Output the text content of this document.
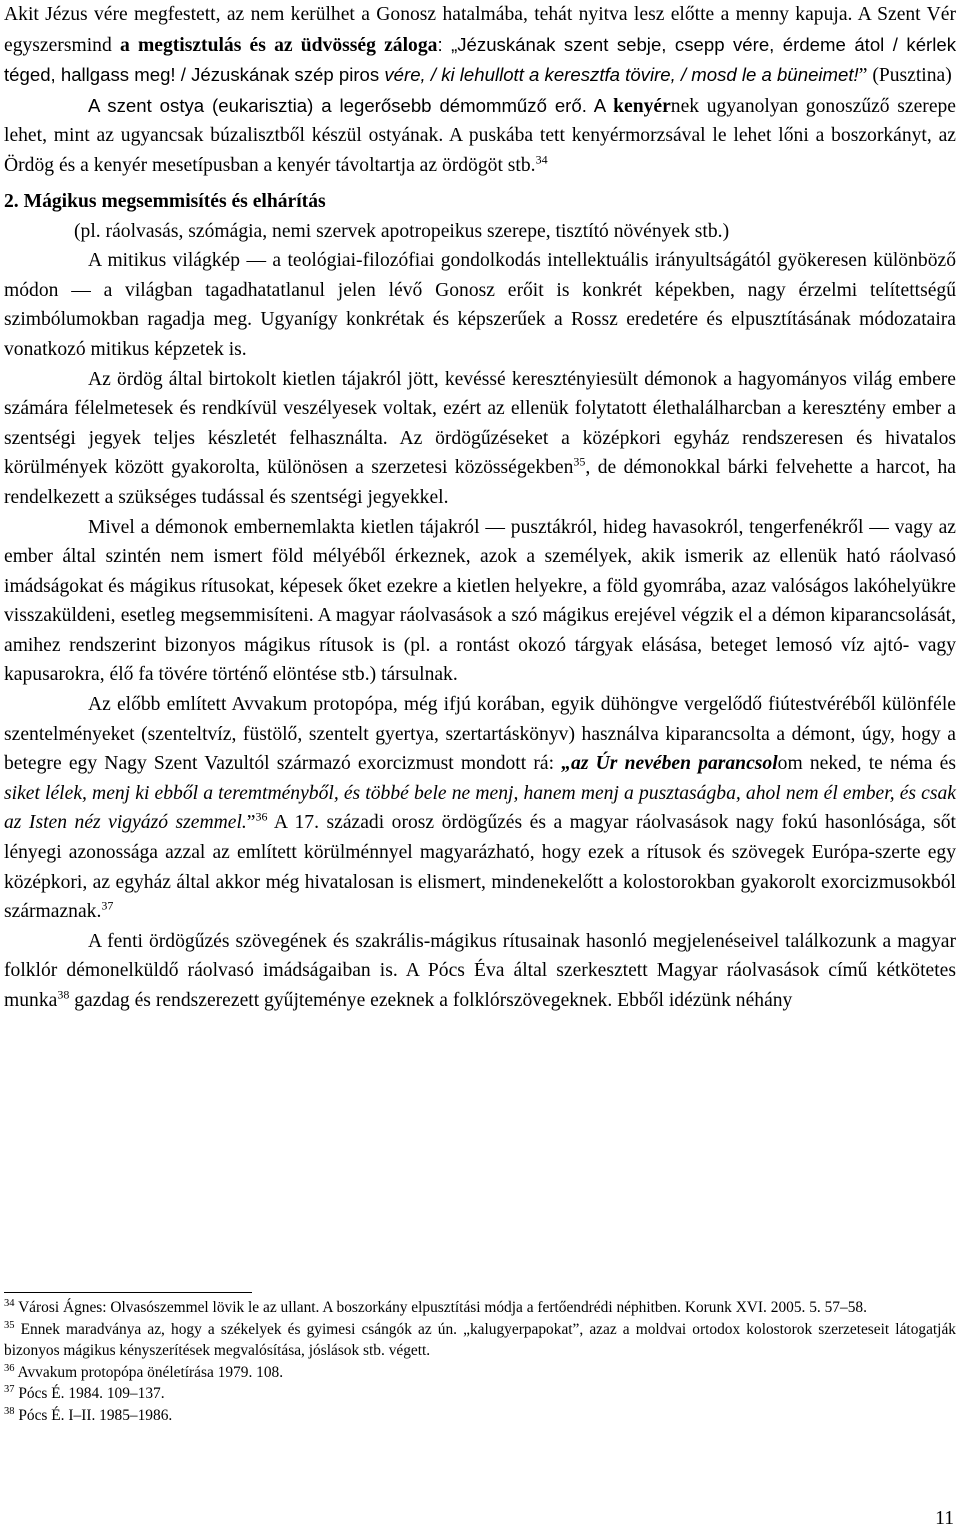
Akit Jézus vére megfestett, az nem kerülhet a Gonosz hatalmába, tehát nyitva lesz előtte a menny kapuja. A Szent Vér egyszersmind a megtisztulás és az üdvösség záloga: „Jézuskának szent sebje, csepp vére, érdeme átol / kérlek téged, hallgass meg! / Jézuskának szép piros vére, / ki lehullott a keresztfa tövire, / mosd le a büneimet!” (Pusztina)

A szent ostya (eukarisztia) a legerősebb démomműző erő. A kenyérnek ugyanolyan gonoszűző szerepe lehet, mint az ugyancsak búzalisztből készül ostyának. A puskába tett kenyérmorzsával le lehet lőni a boszorkányt, az Ördög és a kenyér mesetípusban a kenyér távoltartja az ördögöt stb.$^{34}$

2. Mágikus megsemmisítés és elhárítás

(pl. ráolvasás, szómágia, nemi szervek apotropeikus szerepe, tisztító növények stb.)

A mitikus világkép — a teológiai-filozófiai gondolkodás intellektuális irányultságától gyökeresen különböző módon — a világban tagadhatatlanul jelen lévő Gonosz erőit is konkrét képekben, nagy érzelmi telítettségű szimbólumokban ragadja meg. Ugyanígy konkrétak és képszerűek a Rossz eredetére és elpusztításának módozataira vonatkozó mitikus képzetek is.

Az ördög által birtokolt kietlen tájakról jött, kevéssé keresztényiesült démonok a hagyományos világ embere számára félelmetesek és rendkívül veszélyesek voltak, ezért az ellenük folytatott élethalálharcban a keresztény ember a szentségi jegyek teljes készletét felhasználta. Az ördögűzéseket a középkori egyház rendszeresen és hivatalos körülmények között gyakorolta, különösen a szerzetesi közösségekben$^{35}$, de démonokkal bárki felvehette a harcot, ha rendelkezett a szükséges tudással és szentségi jegyekkel.

Mivel a démonok embernemlakta kietlen tájakról — pusztákról, hideg havasokról, tengerfenékről — vagy az ember által szintén nem ismert föld mélyéből érkeznek, azok a személyek, akik ismerik az ellenük ható ráolvasó imádságokat és mágikus rítusokat, képesek őket ezekre a kietlen helyekre, a föld gyomrába, azaz valóságos lakóhelyükre visszaküldeni, esetleg megsemmisíteni. A magyar ráolvasások a szó mágikus erejével végzik el a démon kiparancsolását, amihez rendszerint bizonyos mágikus rítusok is (pl. a rontást okozó tárgyak elásása, beteget lemosó víz ajtó- vagy kapusarokra, élő fa tövére történő elöntése stb.) társulnak.

Az előbb említett Avvakum protopópa, még ifjú korában, egyik dühöngve vergelődő fiútestvéréből különféle szentelményeket (szenteltvíz, füstölő, szentelt gyertya, szertartáskönyv) használva kiparancsolta a démont, úgy, hogy a betegre egy Nagy Szent Vazultól származó exorcizmust mondott rá: „az Úr nevében parancsolom neked, te néma és siket lélek, menj ki ebből a teremtményből, és többé bele ne menj, hanem menj a pusztaságba, ahol nem él ember, és csak az Isten néz vigyázó szemmel.”$^{36}$ A 17. századi orosz ördögűzés és a magyar ráolvasások nagy fokú hasonlósága, sőt lényegi azonossága azzal az említett körülménnyel magyarázható, hogy ezek a rítusok és szövegek Európa-szerte egy középkori, az egyház által akkor még hivatalosan is elismert, mindenekelőtt a kolostorokban gyakorolt exorcizmusokból származnak.$^{37}$

A fenti ördögűzés szövegének és szakrális-mágikus rítusainak hasonló megjelenéseivel találkozunk a magyar folklór démonelküldő ráolvasó imádságaiban is. A Pócs Éva által szerkesztett Magyar ráolvasások című kétkötetes munka$^{38}$ gazdag és rendszerezett gyűjteménye ezeknek a folklórszövegeknek. Ebből idézünk néhány

$^{34}$ Városi Ágnes: Olvasószemmel lövik le az ullant. A boszorkány elpusztítási módja a fertőendrédi néphitben. Korunk XVI. 2005. 5. 57–58.

$^{35}$ Ennek maradványa az, hogy a székelyek és gyimesi csángók az ún. „kalugyerpapokat”, azaz a moldvai ortodox kolostorok szerzeteseit látogatják bizonyos mágikus kényszerítések megvalósítása, jóslások stb. végett.

$^{36}$ Avvakum protopópa önéletírása 1979. 108.

$^{37}$ Pócs É. 1984. 109–137.

$^{38}$ Pócs É. I–II. 1985–1986.

11
